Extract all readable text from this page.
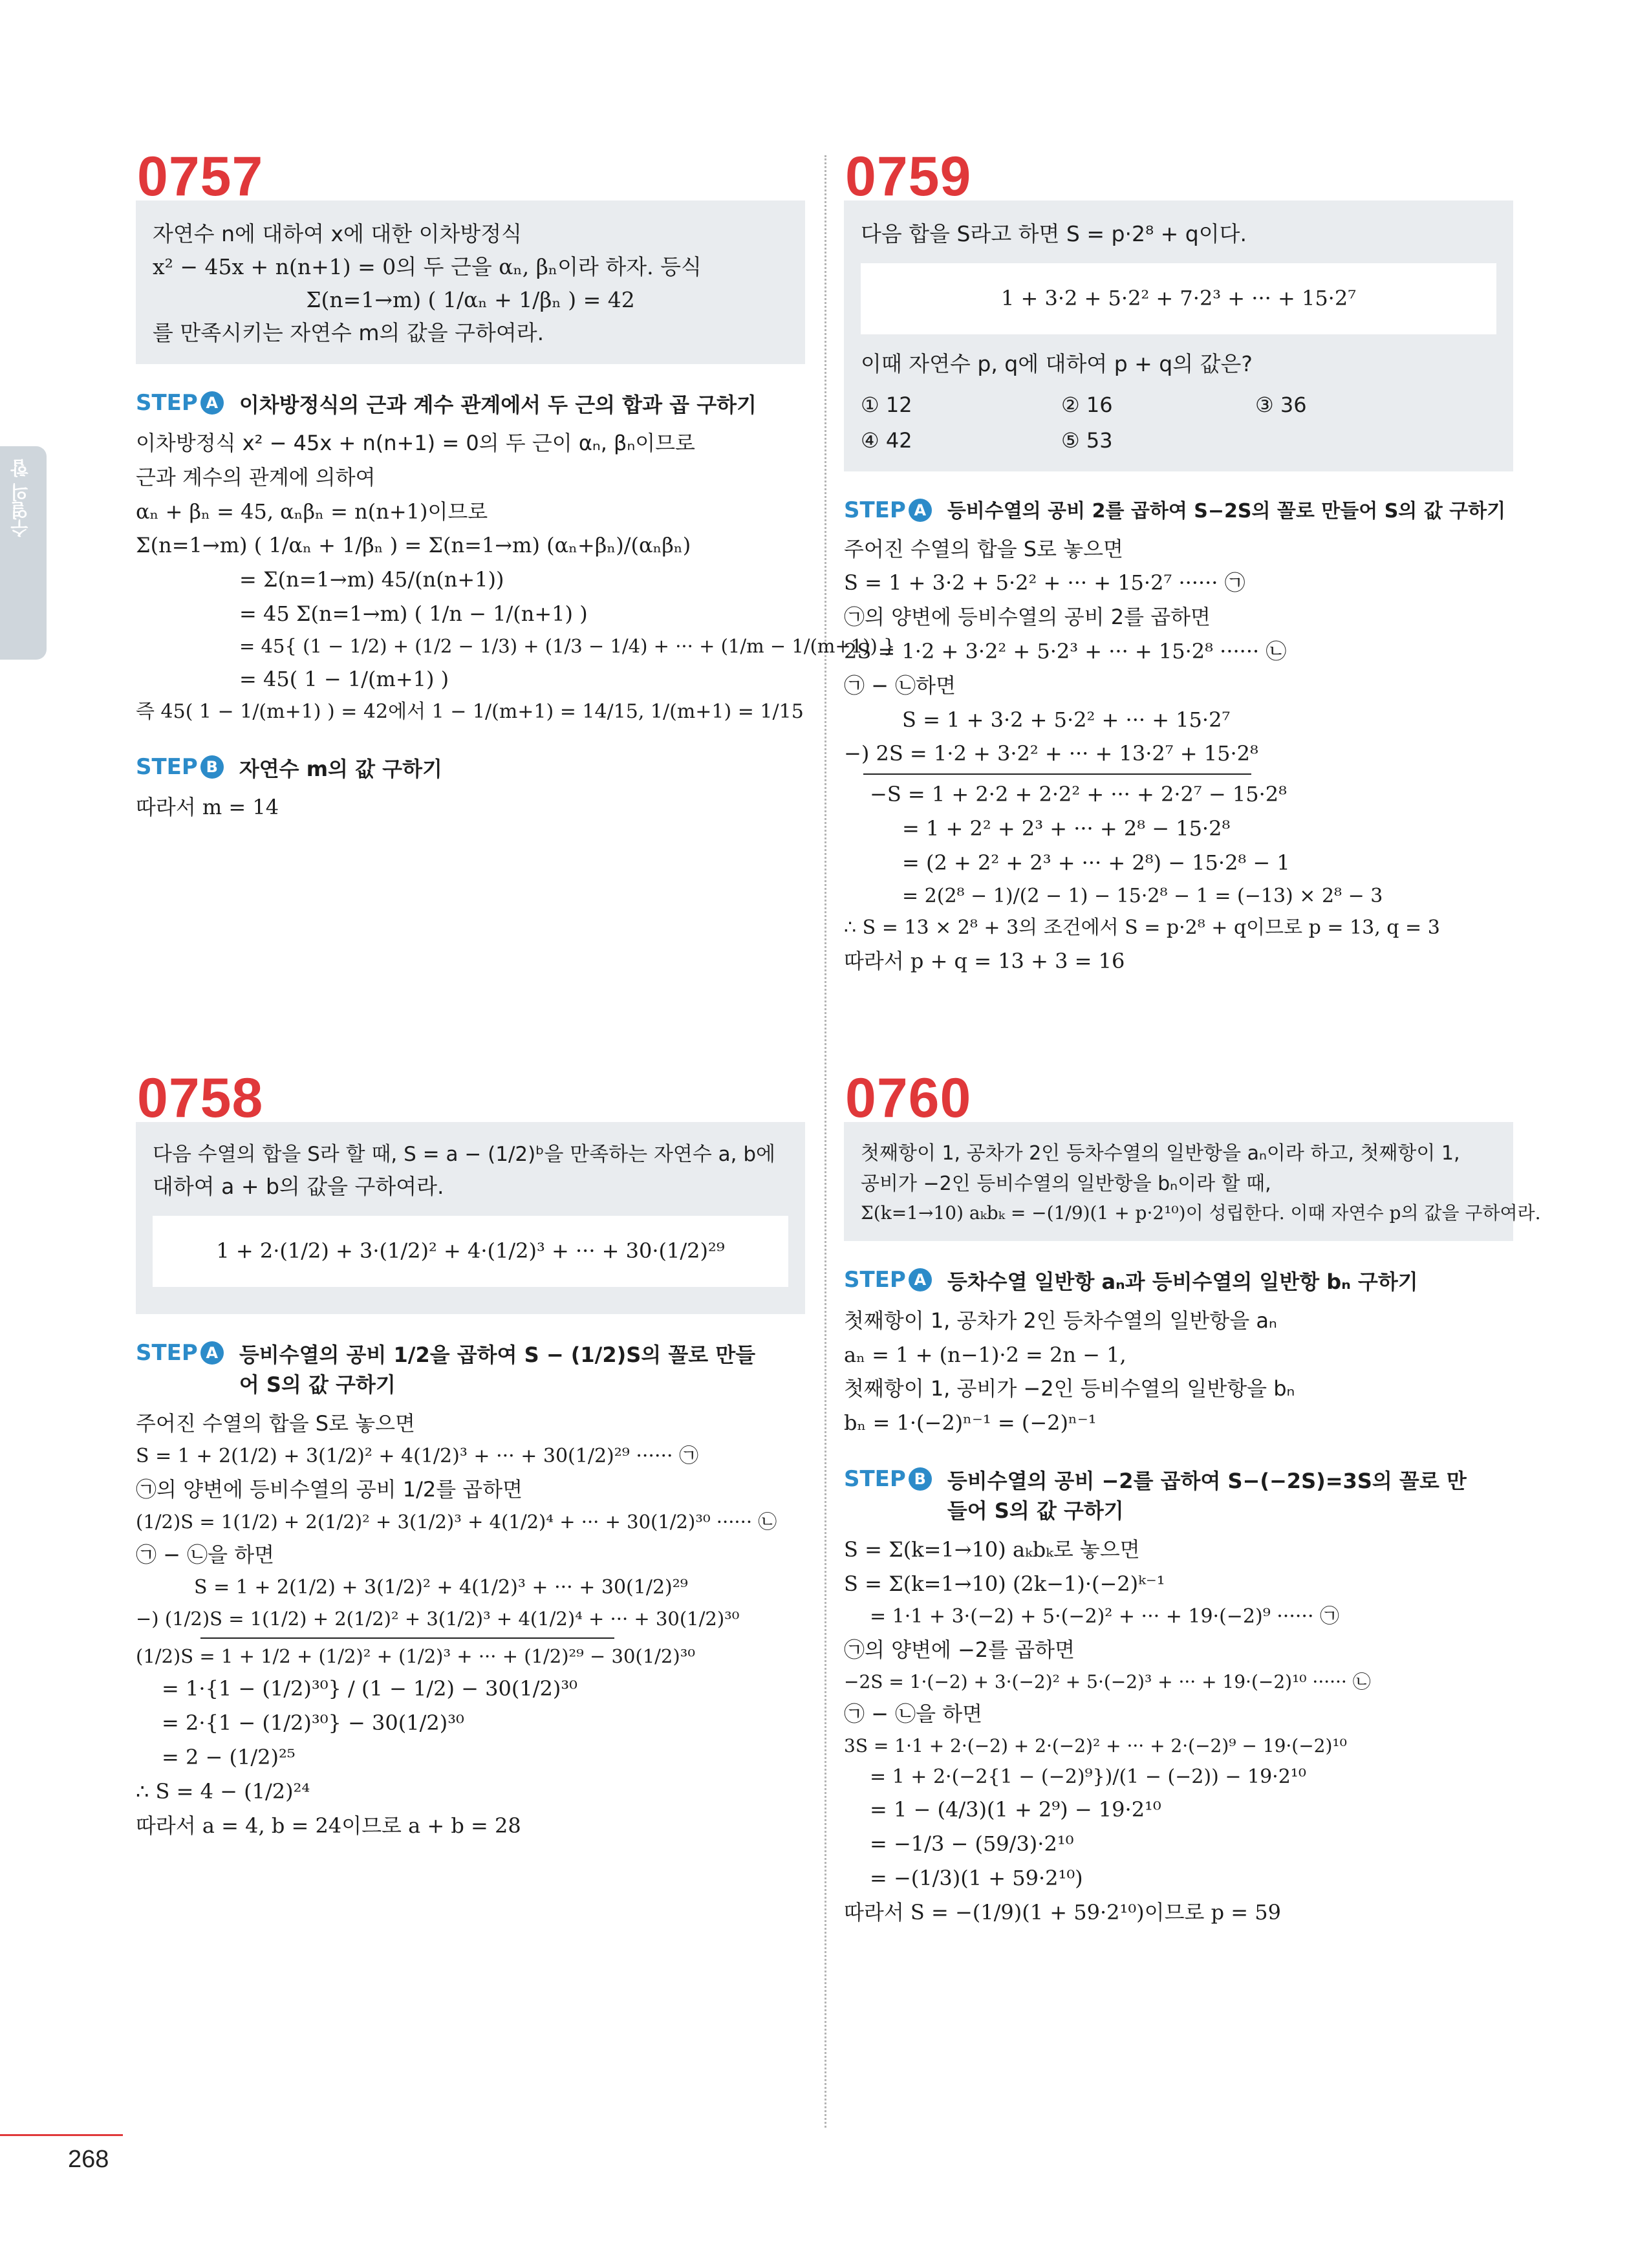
수열의 합
0757
자연수 n에 대하여 x에 대한 이차방정식
x² − 45x + n(n+1) = 0의 두 근을 αₙ, βₙ이라 하자. 등식
Σ(n=1→m) ( 1/αₙ + 1/βₙ ) = 42
를 만족시키는 자연수 m의 값을 구하여라.
STEP A 이차방정식의 근과 계수 관계에서 두 근의 합과 곱 구하기
이차방정식 x² − 45x + n(n+1) = 0의 두 근이 αₙ, βₙ이므로
근과 계수의 관계에 의하여
αₙ + βₙ = 45, αₙβₙ = n(n+1)이므로
Σ(n=1→m) ( 1/αₙ + 1/βₙ ) = Σ(n=1→m) (αₙ+βₙ)/(αₙβₙ)
= Σ(n=1→m) 45/(n(n+1))
= 45 Σ(n=1→m) ( 1/n − 1/(n+1) )
= 45{ (1 − 1/2) + (1/2 − 1/3) + (1/3 − 1/4) + ··· + (1/m − 1/(m+1)) }
= 45( 1 − 1/(m+1) )
즉 45( 1 − 1/(m+1) ) = 42에서 1 − 1/(m+1) = 14/15, 1/(m+1) = 1/15
STEP B 자연수 m의 값 구하기
따라서 m = 14
0758
다음 수열의 합을 S라 할 때, S = a − (1/2)ᵇ을 만족하는 자연수 a, b에
대하여 a + b의 값을 구하여라.
1 + 2·(1/2) + 3·(1/2)² + 4·(1/2)³ + ··· + 30·(1/2)²⁹
STEP A 등비수열의 공비 1/2을 곱하여 S − (1/2)S의 꼴로 만들어 S의 값 구하기
주어진 수열의 합을 S로 놓으면
S = 1 + 2(1/2) + 3(1/2)² + 4(1/2)³ + ··· + 30(1/2)²⁹ ······ ㉠
㉠의 양변에 등비수열의 공비 1/2를 곱하면
(1/2)S = 1(1/2) + 2(1/2)² + 3(1/2)³ + 4(1/2)⁴ + ··· + 30(1/2)³⁰ ······ ㉡
㉠ − ㉡을 하면
S = 1 + 2(1/2) + 3(1/2)² + 4(1/2)³ + ··· + 30(1/2)²⁹
−) (1/2)S = 1(1/2) + 2(1/2)² + 3(1/2)³ + 4(1/2)⁴ + ··· + 30(1/2)³⁰
(1/2)S = 1 + 1/2 + (1/2)² + (1/2)³ + ··· + (1/2)²⁹ − 30(1/2)³⁰
= 1·{1 − (1/2)³⁰} / (1 − 1/2) − 30(1/2)³⁰
= 2·{1 − (1/2)³⁰} − 30(1/2)³⁰
= 2 − (1/2)²⁵
∴ S = 4 − (1/2)²⁴
따라서 a = 4, b = 24이므로 a + b = 28
0759
다음 합을 S라고 하면 S = p·2⁸ + q이다.
1 + 3·2 + 5·2² + 7·2³ + ··· + 15·2⁷
이때 자연수 p, q에 대하여 p + q의 값은?
① 12	② 16	③ 36
④ 42	⑤ 53
STEP A 등비수열의 공비 2를 곱하여 S−2S의 꼴로 만들어 S의 값 구하기
주어진 수열의 합을 S로 놓으면
S = 1 + 3·2 + 5·2² + ··· + 15·2⁷ ······ ㉠
㉠의 양변에 등비수열의 공비 2를 곱하면
2S = 1·2 + 3·2² + 5·2³ + ··· + 15·2⁸ ······ ㉡
㉠ − ㉡하면
S = 1 + 3·2 + 5·2² + ··· + 15·2⁷
−) 2S = 1·2 + 3·2² + ··· + 13·2⁷ + 15·2⁸
−S = 1 + 2·2 + 2·2² + ··· + 2·2⁷ − 15·2⁸
= 1 + 2² + 2³ + ··· + 2⁸ − 15·2⁸
= (2 + 2² + 2³ + ··· + 2⁸) − 15·2⁸ − 1
= 2(2⁸ − 1)/(2 − 1) − 15·2⁸ − 1 = (−13) × 2⁸ − 3
∴ S = 13 × 2⁸ + 3의 조건에서 S = p·2⁸ + q이므로 p = 13, q = 3
따라서 p + q = 13 + 3 = 16
0760
첫째항이 1, 공차가 2인 등차수열의 일반항을 aₙ이라 하고, 첫째항이 1,
공비가 −2인 등비수열의 일반항을 bₙ이라 할 때,
Σ(k=1→10) aₖbₖ = −(1/9)(1 + p·2¹⁰)이 성립한다. 이때 자연수 p의 값을 구하여라.
STEP A 등차수열 일반항 aₙ과 등비수열의 일반항 bₙ 구하기
첫째항이 1, 공차가 2인 등차수열의 일반항을 aₙ
aₙ = 1 + (n−1)·2 = 2n − 1,
첫째항이 1, 공비가 −2인 등비수열의 일반항을 bₙ
bₙ = 1·(−2)ⁿ⁻¹ = (−2)ⁿ⁻¹
STEP B 등비수열의 공비 −2를 곱하여 S−(−2S)=3S의 꼴로 만들어 S의 값 구하기
S = Σ(k=1→10) aₖbₖ로 놓으면
S = Σ(k=1→10) (2k−1)·(−2)ᵏ⁻¹
= 1·1 + 3·(−2) + 5·(−2)² + ··· + 19·(−2)⁹ ······ ㉠
㉠의 양변에 −2를 곱하면
−2S = 1·(−2) + 3·(−2)² + 5·(−2)³ + ··· + 19·(−2)¹⁰ ······ ㉡
㉠ − ㉡을 하면
3S = 1·1 + 2·(−2) + 2·(−2)² + ··· + 2·(−2)⁹ − 19·(−2)¹⁰
= 1 + 2·(−2{1 − (−2)⁹})/(1 − (−2)) − 19·2¹⁰
= 1 − (4/3)(1 + 2⁹) − 19·2¹⁰
= −1/3 − (59/3)·2¹⁰
= −(1/3)(1 + 59·2¹⁰)
따라서 S = −(1/9)(1 + 59·2¹⁰)이므로 p = 59
268
